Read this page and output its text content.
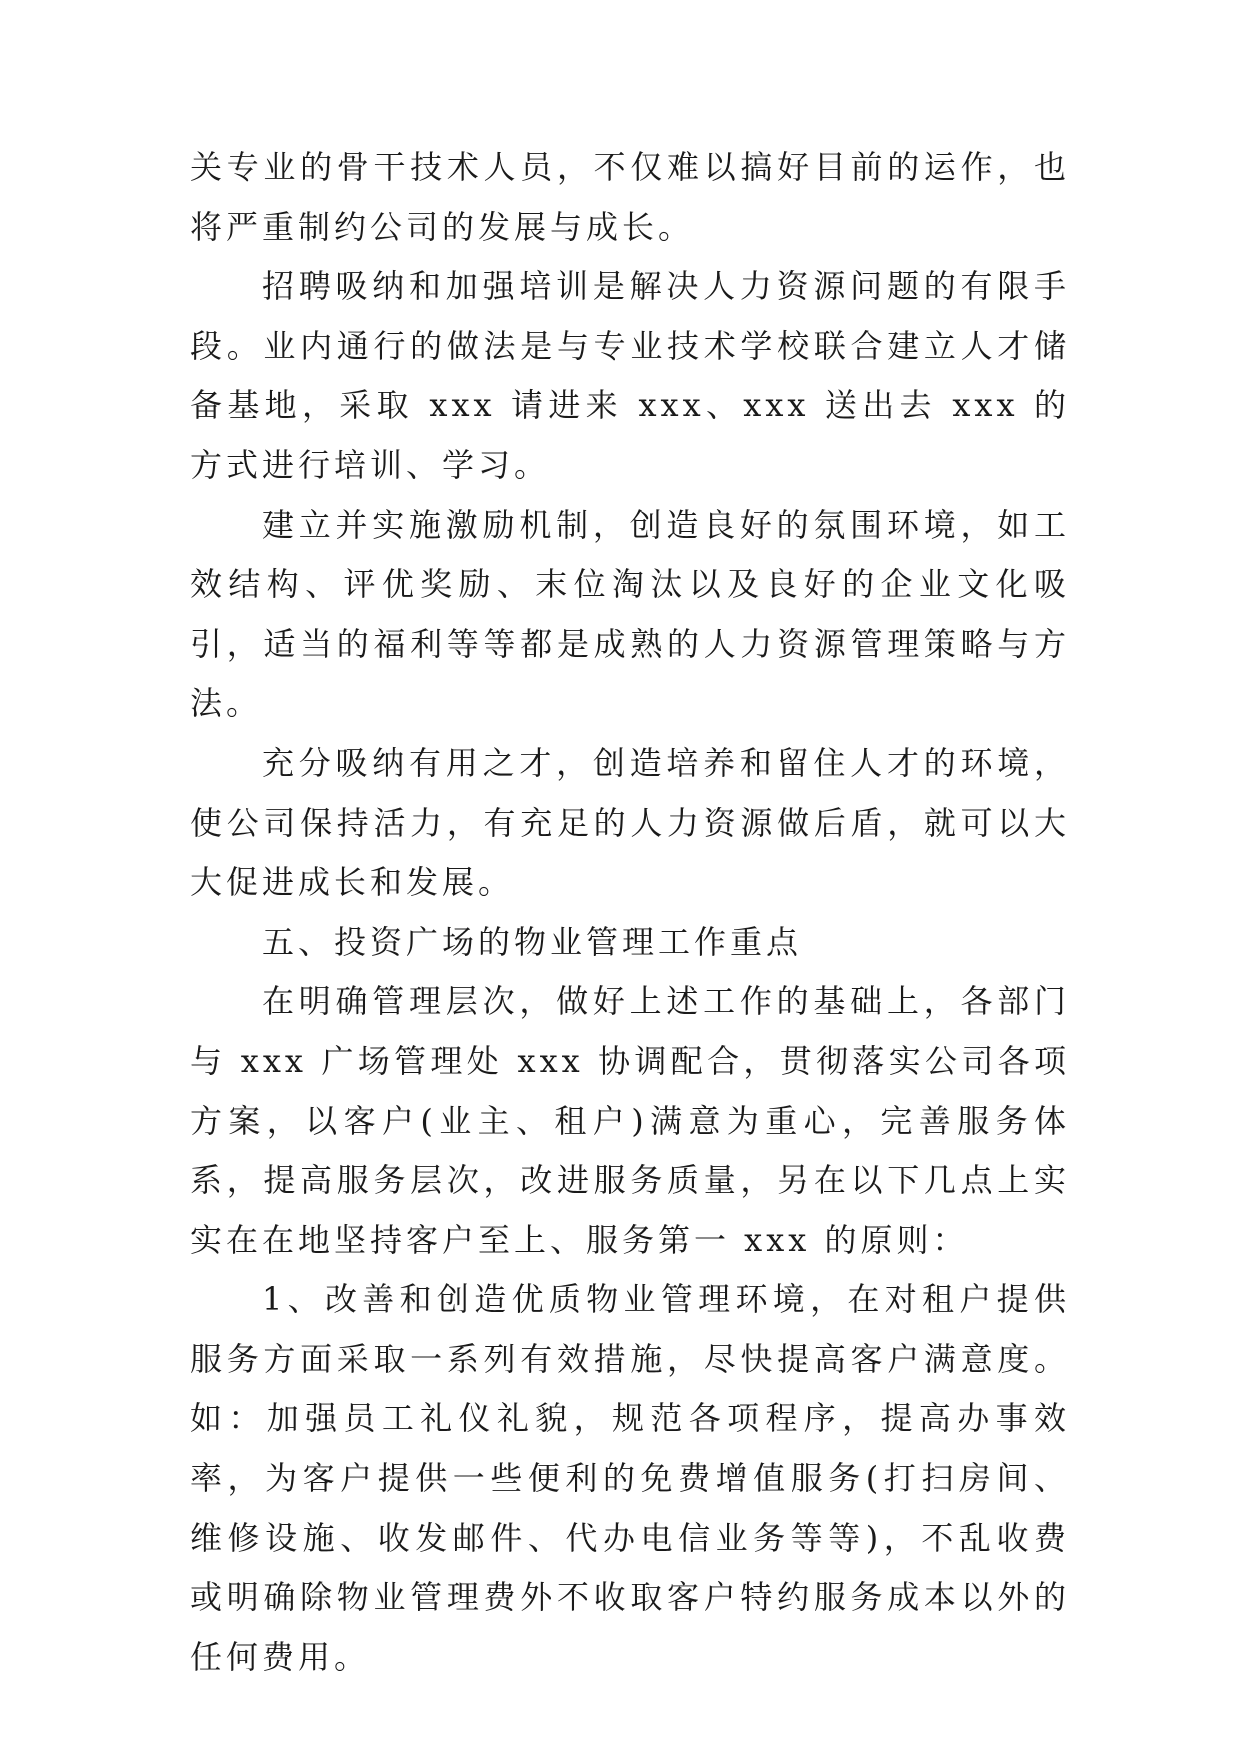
关专业的骨干技术人员，不仅难以搞好目前的运作，也将严重制约公司的发展与成长。

招聘吸纳和加强培训是解决人力资源问题的有限手段。业内通行的做法是与专业技术学校联合建立人才储备基地，采取 xxx 请进来 xxx、xxx 送出去 xxx 的方式进行培训、学习。

建立并实施激励机制，创造良好的氛围环境，如工效结构、评优奖励、末位淘汰以及良好的企业文化吸引，适当的福利等等都是成熟的人力资源管理策略与方法。

充分吸纳有用之才，创造培养和留住人才的环境，使公司保持活力，有充足的人力资源做后盾，就可以大大促进成长和发展。

五、投资广场的物业管理工作重点

在明确管理层次，做好上述工作的基础上，各部门与 xxx 广场管理处 xxx 协调配合，贯彻落实公司各项方案，以客户(业主、租户)满意为重心，完善服务体系，提高服务层次，改进服务质量，另在以下几点上实实在在地坚持客户至上、服务第一 xxx 的原则：

1、改善和创造优质物业管理环境，在对租户提供服务方面采取一系列有效措施，尽快提高客户满意度。如：加强员工礼仪礼貌，规范各项程序，提高办事效率，为客户提供一些便利的免费增值服务(打扫房间、维修设施、收发邮件、代办电信业务等等)，不乱收费或明确除物业管理费外不收取客户特约服务成本以外的任何费用。
